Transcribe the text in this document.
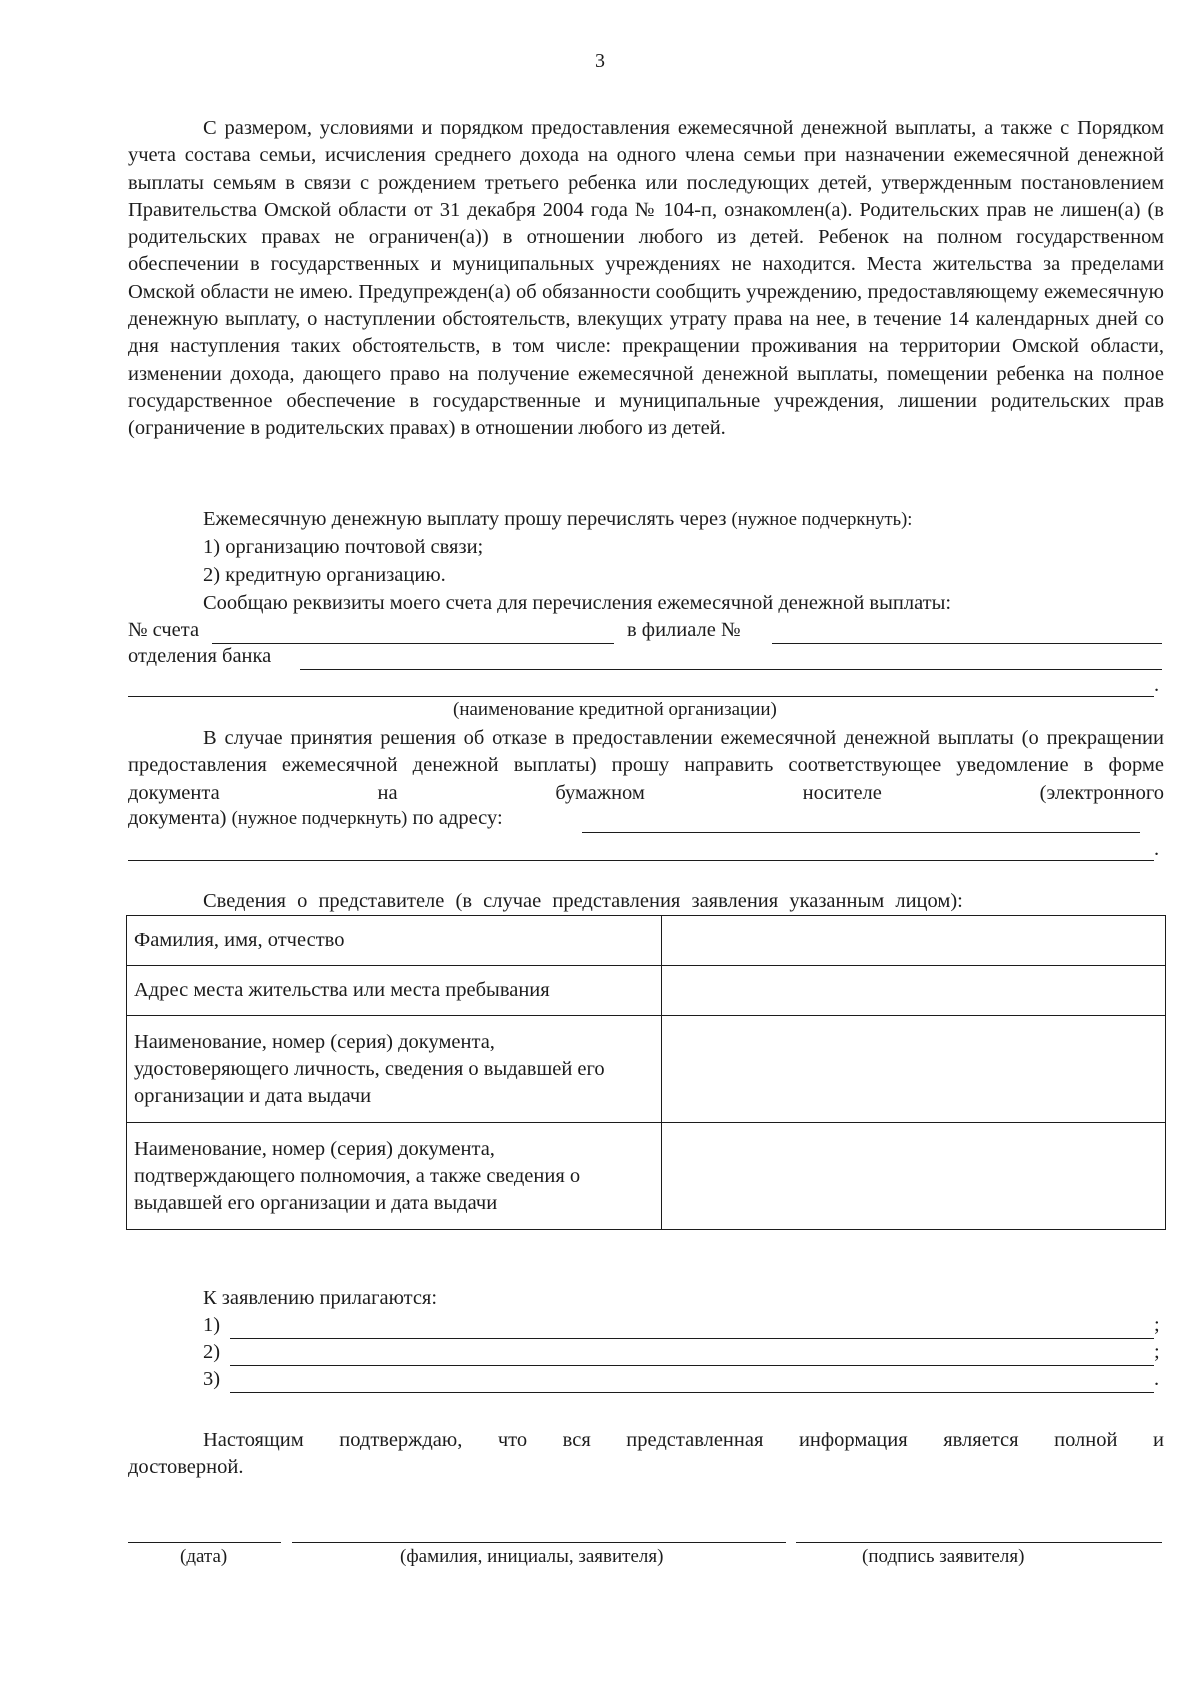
3

С размером, условиями и порядком предоставления ежемесячной денежной выплаты, а также с Порядком учета состава семьи, исчисления среднего дохода на одного члена семьи при назначении ежемесячной денежной выплаты семьям в связи с рождением третьего ребенка или последующих детей, утвержденным постановлением Правительства Омской области от 31 декабря 2004 года № 104-п, ознакомлен(а). Родительских прав не лишен(а) (в родительских правах не ограничен(а)) в отношении любого из детей. Ребенок на полном государственном обеспечении в государственных и муниципальных учреждениях не находится. Места жительства за пределами Омской области не имею. Предупрежден(а) об обязанности сообщить учреждению, предоставляющему ежемесячную денежную выплату, о наступлении обстоятельств, влекущих утрату права на нее, в течение 14 календарных дней со дня наступления таких обстоятельств, в том числе: прекращении проживания на территории Омской области, изменении дохода, дающего право на получение ежемесячной денежной выплаты, помещении ребенка на полное государственное обеспечение в государственные и муниципальные учреждения, лишении родительских прав (ограничение в родительских правах) в отношении любого из детей.

Ежемесячную денежную выплату прошу перечислять через (нужное подчеркнуть):
1) организацию почтовой связи;
2) кредитную организацию.
Сообщаю реквизиты моего счета для перечисления ежемесячной денежной выплаты:
№ счета	в филиале №
отделения банка
.
(наименование кредитной организации)

В случае принятия решения об отказе в предоставлении ежемесячной денежной выплаты (о прекращении предоставления ежемесячной денежной выплаты) прошу направить соответствующее уведомление в форме документа на бумажном носителе (электронного

документа) (нужное подчеркнуть) по адресу:
.
Сведения о представителе (в случае представления заявления указанным лицом):
Фамилия, имя, отчество	
Адрес места жительства или места пребывания	
Наименование, номер (серия) документа, удостоверяющего личность, сведения о выдавшей его организации и дата выдачи	
Наименование, номер (серия) документа, подтверждающего полномочия, а также сведения о выдавшей его организации и дата выдачи	
К заявлению прилагаются:
1)	;
2)	;
3)	.

Настоящим подтверждаю, что вся представленная информация является полной и достоверной.

(дата)	(фамилия, инициалы, заявителя)	(подпись заявителя)
